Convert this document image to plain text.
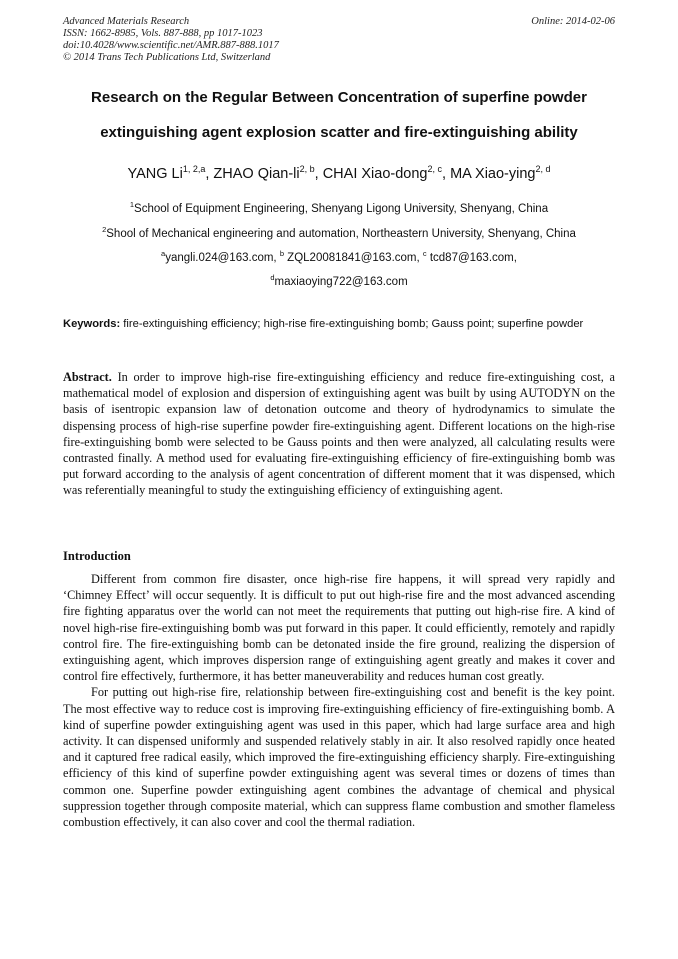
Advanced Materials Research
ISSN: 1662-8985, Vols. 887-888, pp 1017-1023
doi:10.4028/www.scientific.net/AMR.887-888.1017
© 2014 Trans Tech Publications Ltd, Switzerland
Online: 2014-02-06
Research on the Regular Between Concentration of superfine powder
extinguishing agent explosion scatter and fire-extinguishing ability
YANG Li$^{1, 2,a}$, ZHAO Qian-li$^{2, b}$, CHAI Xiao-dong$^{2, c}$, MA Xiao-ying$^{2, d}$
$^1$School of Equipment Engineering, Shenyang Ligong University, Shenyang, China
$^2$Shool of Mechanical engineering and automation, Northeastern University, Shenyang, China
$^a$yangli.024@163.com, $^b$ ZQL20081841@163.com, $^c$ tcd87@163.com,
$^d$maxiaoying722@163.com
Keywords: fire-extinguishing efficiency; high-rise fire-extinguishing bomb; Gauss point; superfine powder
Abstract. In order to improve high-rise fire-extinguishing efficiency and reduce fire-extinguishing cost, a mathematical model of explosion and dispersion of extinguishing agent was built by using AUTODYN on the basis of isentropic expansion law of detonation outcome and theory of hydrodynamics to simulate the dispensing process of high-rise superfine powder fire-extinguishing agent. Different locations on the high-rise fire-extinguishing bomb were selected to be Gauss points and then were analyzed, all calculating results were contrasted finally. A method used for evaluating fire-extinguishing efficiency of fire-extinguishing bomb was put forward according to the analysis of agent concentration of different moment that it was dispensed, which was referentially meaningful to study the extinguishing efficiency of extinguishing agent.
Introduction

Different from common fire disaster, once high-rise fire happens, it will spread very rapidly and ‘Chimney Effect’ will occur sequently. It is difficult to put out high-rise fire and the most advanced ascending fire fighting apparatus over the world can not meet the requirements that putting out high-rise fire. A kind of novel high-rise fire-extinguishing bomb was put forward in this paper. It could efficiently, remotely and rapidly control fire. The fire-extinguishing bomb can be detonated inside the fire ground, realizing the dispersion of extinguishing agent, which improves dispersion range of extinguishing agent greatly and makes it cover and control fire effectively, furthermore, it has better maneuverability and reduces human cost greatly.

For putting out high-rise fire, relationship between fire-extinguishing cost and benefit is the key point. The most effective way to reduce cost is improving fire-extinguishing efficiency of fire-extinguishing bomb. A kind of superfine powder extinguishing agent was used in this paper, which had large surface area and high activity. It can dispensed uniformly and suspended relatively stably in air. It also resolved rapidly once heated and it captured free radical easily, which improved the fire-extinguishing efficiency sharply. Fire-extinguishing efficiency of this kind of superfine powder extinguishing agent was several times or dozens of times than common one. Superfine powder extinguishing agent combines the advantage of chemical and physical suppression together through composite material, which can suppress flame combustion and smother flameless combustion effectively, it can also cover and cool the thermal radiation.
